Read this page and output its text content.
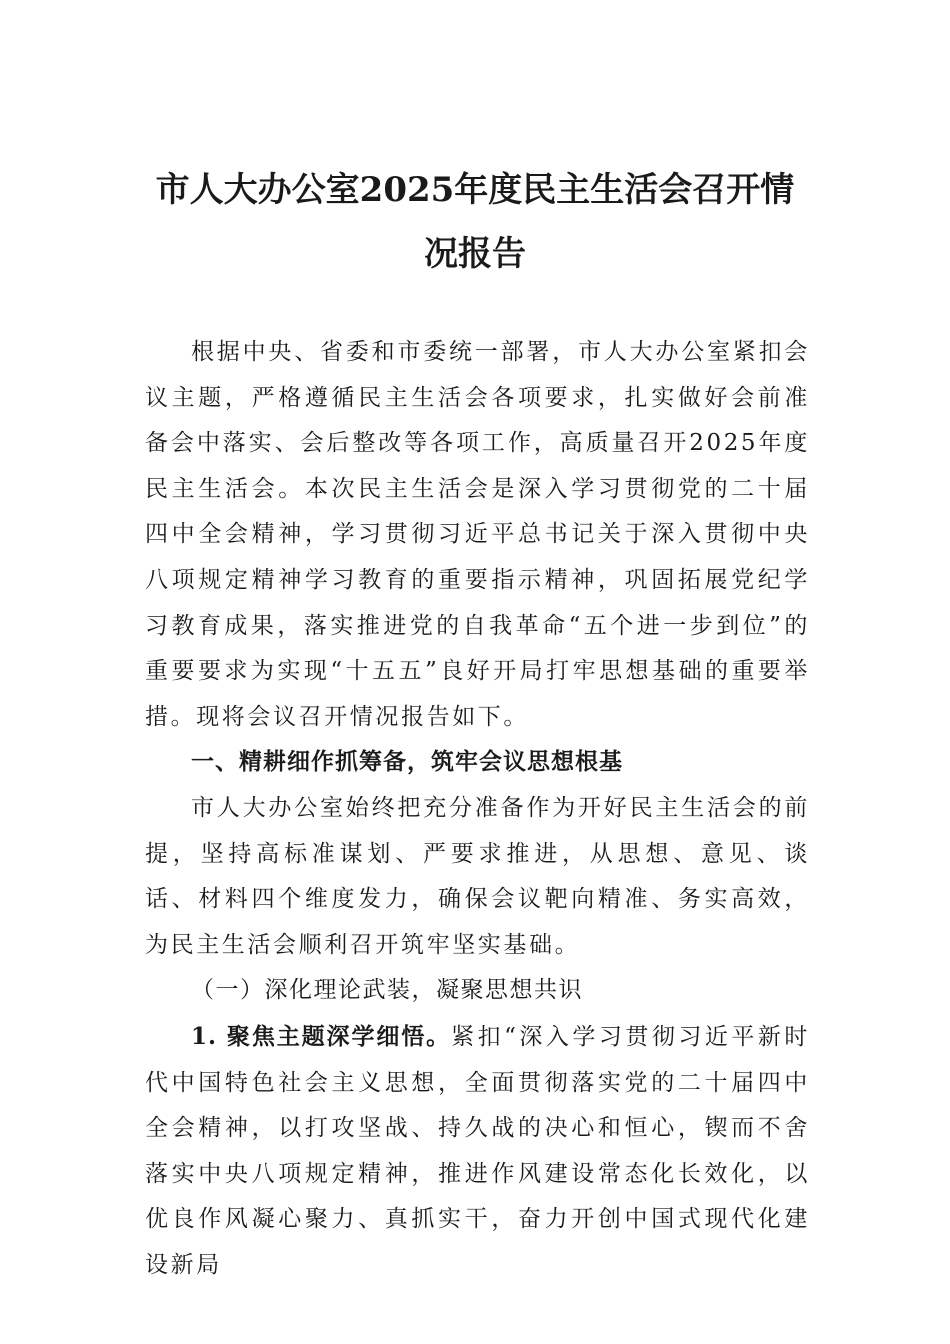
市人大办公室2025年度民主生活会召开情
况报告

根据中央、省委和市委统一部署，市人大办公室紧扣会议主题，严格遵循民主生活会各项要求，扎实做好会前准备会中落实、会后整改等各项工作，高质量召开2025年度民主生活会。本次民主生活会是深入学习贯彻党的二十届四中全会精神，学习贯彻习近平总书记关于深入贯彻中央八项规定精神学习教育的重要指示精神，巩固拓展党纪学习教育成果，落实推进党的自我革命“五个进一步到位”的重要要求为实现“十五五”良好开局打牢思想基础的重要举措。现将会议召开情况报告如下。

一、精耕细作抓筹备，筑牢会议思想根基

市人大办公室始终把充分准备作为开好民主生活会的前提，坚持高标准谋划、严要求推进，从思想、意见、谈话、材料四个维度发力，确保会议靶向精准、务实高效，为民主生活会顺利召开筑牢坚实基础。

（一）深化理论武装，凝聚思想共识

1. 聚焦主题深学细悟。紧扣“深入学习贯彻习近平新时代中国特色社会主义思想，全面贯彻落实党的二十届四中全会精神，以打攻坚战、持久战的决心和恒心，锲而不舍落实中央八项规定精神，推进作风建设常态化长效化，以优良作风凝心聚力、真抓实干，奋力开创中国式现代化建设新局
